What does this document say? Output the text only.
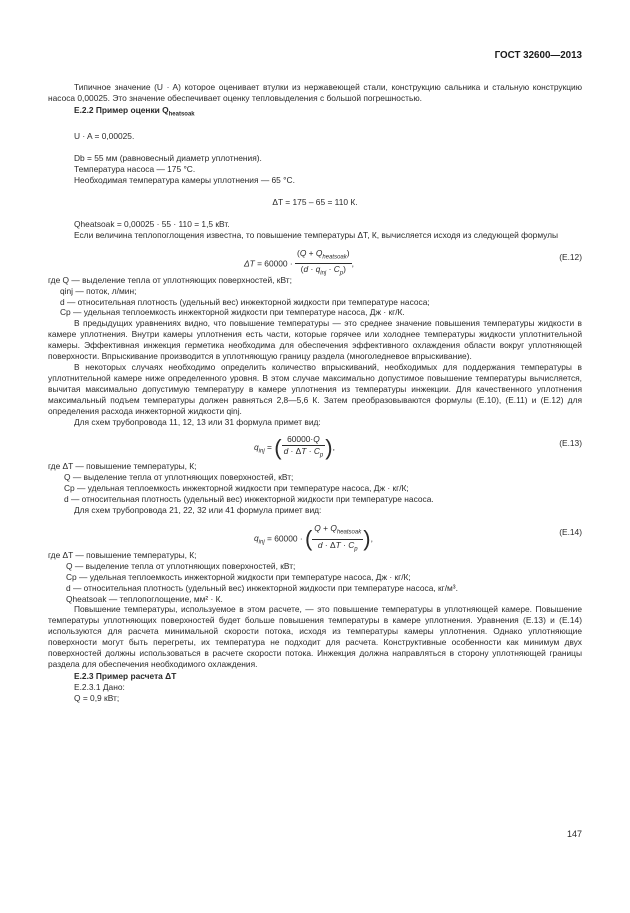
ГОСТ 32600—2013

Типичное значение (U · A) которое оценивает втулки из нержавеющей стали, конструкцию сальника и стальную конструкцию насоса 0,00025. Это значение обеспечивает оценку тепловыделения с большой погрешностью.

Е.2.2 Пример оценки $Q_{heatsoak}$

U · A = 0,00025.

Db = 55 мм (равновесный диаметр уплотнения).

Температура насоса — 175 °С.

Необходимая температура камеры уплотнения — 65 °С.

ΔT = 175 – 65 = 110 К.

Qheatsoak = 0,00025 · 55 · 110 = 1,5 кВт.

Если величина теплопоглощения известна, то повышение температуры ΔT, К, вычисляется исходя из следующей формулы

$\Delta T = 60000 \cdot \frac{(Q + Q_{heatsoak})}{(d \cdot q_{inj} \cdot C_p)}$ ,
(Е.12)

где Q — выделение тепла от уплотняющих поверхностей, кВт;

qinj — поток, л/мин;

d — относительная плотность (удельный вес) инжекторной жидкости при температуре насоса;

Cp — удельная теплоемкость инжекторной жидкости при температуре насоса, Дж · кг/К.

В предыдущих уравнениях видно, что повышение температуры — это среднее значение повышения температуры жидкости в камере уплотнения. Внутри камеры уплотнения есть части, которые горячее или холоднее температуры жидкости уплотнительной камеры. Эффективная инжекция герметика необходима для обеспечения эффективного охлаждения области вокруг уплотняющей поверхности. Впрыскивание производится в уплотняющую границу раздела (многоледневое впрыскивание).

В некоторых случаях необходимо определить количество впрыскиваний, необходимых для поддержания температуры в уплотнительной камере ниже определенного уровня. В этом случае максимально допустимое повышение температуры вычисляется, вычитая максимально допустимую температуру в камере уплотнения из температуры инжекции. Для качественного уплотнения максимальный подъем температуры должен равняться 2,8—5,6 К. Затем преобразовываются формулы (Е.10), (Е.11) и (Е.12) для определения расхода инжекторной жидкости qinj.

Для схем трубопровода 11, 12, 13 или 31 формула примет вид:

$q_{inj}$ = ( $\frac{60000\cdot Q}{d \cdot \Delta T \cdot C_p}$ ),	(Е.13)

где ΔT — повышение температуры, К;

Q — выделение тепла от уплотняющих поверхностей, кВт;

Cp — удельная теплоемкость инжекторной жидкости при температуре насоса, Дж · кг/К;

d — относительная плотность (удельный вес) инжекторной жидкости при температуре насоса.

Для схем трубопровода 21, 22, 32 или 41 формула примет вид:

$q_{inj} = 60000$ · ( $\frac{Q + Q_{heatsoak}}{d \cdot \Delta T \cdot C_p}$ ),
(Е.14)

где ΔT — повышение температуры, К;

Q — выделение тепла от уплотняющих поверхностей, кВт;

Cp — удельная теплоемкость инжекторной жидкости при температуре насоса, Дж · кг/К;

d — относительная плотность (удельный вес) инжекторной жидкости при температуре насоса, кг/м³.

Qheatsoak — теплопоглощение, мм² · К.

Повышение температуры, используемое в этом расчете, — это повышение температуры в уплотняющей камере. Повышение температуры уплотняющих поверхностей будет больше повышения температуры в камере уплотнения. Уравнения (Е.13) и (Е.14) используются для расчета минимальной скорости потока, исходя из температуры камеры уплотнения. Однако уплотняющие поверхности могут быть перегреты, их температура не подходит для расчета. Конструктивные особенности как минимум двух поверхностей должны использоваться в расчете скорости потока. Инжекция должна направляться в сторону уплотняющей границы раздела для обеспечения необходимого охлаждения.

Е.2.3 Пример расчета ΔT

Е.2.3.1 Дано:

Q = 0,9 кВт;

147
